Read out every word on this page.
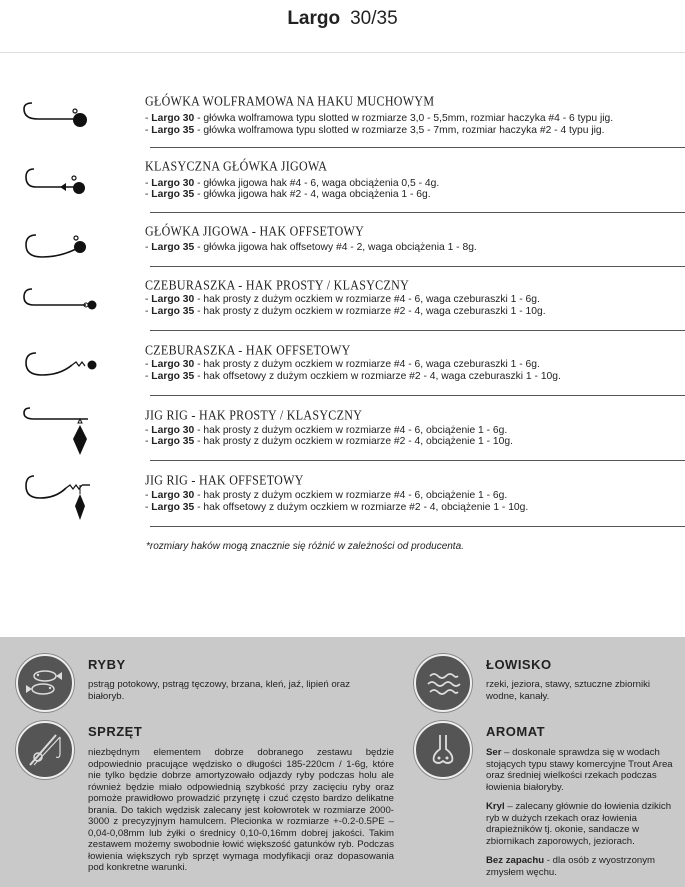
Largo 30/35
GŁÓWKA WOLFRAMOWA NA HAKU MUCHOWYM
- Largo 30 - główka wolframowa typu slotted w rozmiarze 3,0 - 5,5mm, rozmiar haczyka #4 - 6 typu jig.
- Largo 35 - główka wolframowa typu slotted w rozmiarze 3,5 - 7mm, rozmiar haczyka #2 - 4 typu jig.
KLASYCZNA GŁÓWKA JIGOWA
- Largo 30 - główka jigowa hak #4 - 6, waga obciążenia 0,5 - 4g.
- Largo 35 - główka jigowa hak #2 - 4, waga obciążenia 1 - 6g.
GŁÓWKA JIGOWA - HAK OFFSETOWY
- Largo 35 - główka jigowa hak offsetowy #4 - 2, waga obciążenia 1 - 8g.
CZEBURASZKA - HAK PROSTY / KLASYCZNY
- Largo 30 - hak prosty z dużym oczkiem w rozmiarze #4 - 6, waga czeburaszki 1 - 6g.
- Largo 35 - hak prosty z dużym oczkiem w rozmiarze #2 - 4, waga czeburaszki 1 - 10g.
CZEBURASZKA - HAK OFFSETOWY
- Largo 30 - hak prosty z dużym oczkiem w rozmiarze #4 - 6, waga czeburaszki 1 - 6g.
- Largo 35 - hak offsetowy z dużym oczkiem w rozmiarze #2 - 4, waga czeburaszki 1 - 10g.
JIG RIG - HAK PROSTY / KLASYCZNY
- Largo 30 - hak prosty z dużym oczkiem w rozmiarze #4 - 6, obciążenie 1 - 6g.
- Largo 35 - hak prosty z dużym oczkiem w rozmiarze #2 - 4, obciążenie 1 - 10g.
JIG RIG - HAK OFFSETOWY
- Largo 30 - hak prosty z dużym oczkiem w rozmiarze #4 - 6, obciążenie 1 - 6g.
- Largo 35 - hak offsetowy z dużym oczkiem w rozmiarze #2 - 4, obciążenie 1 - 10g.
*rozmiary haków mogą znacznie się różnić w zależności od producenta.
RYBY
pstrąg potokowy, pstrąg tęczowy, brzana, kleń, jaź, lipień oraz białoryb.
ŁOWISKO
rzeki, jeziora, stawy, sztuczne zbiorniki wodne, kanały.
SPRZĘT
niezbędnym elementem dobrze dobranego zestawu będzie odpowiednio pracujące wędzisko o długości 185-220cm / 1-6g, które nie tylko będzie dobrze amortyzowało odjazdy ryby podczas holu ale również będzie miało odpowiednią szybkość przy zacięciu ryby oraz pomoże prawidłowo prowadzić przynętę i czuć często bardzo delikatne brania. Do takich wędzisk zalecany jest kołowrotek w rozmiarze 2000-3000 z precyzyjnym hamulcem. Plecionka w rozmiarze +-0.2-0.5PE – 0,04-0,08mm lub żyłki o średnicy 0,10-0,16mm dobrej jakości. Takim zestawem możemy swobodnie łowić większość gatunków ryb. Podczas łowienia większych ryb sprzęt wymaga modyfikacji oraz dopasowania pod konkretne warunki.
AROMAT

Ser – doskonale sprawdza się w wodach stojących typu stawy komercyjne Trout Area oraz średniej wielkości rzekach podczas łowienia białoryby.

Kryl – zalecany głównie do łowienia dzikich ryb w dużych rzekach oraz łowienia drapieżników tj. okonie, sandacze w zbiornikach zaporowych, jeziorach.

Bez zapachu - dla osób z wyostrzonym zmysłem węchu.
